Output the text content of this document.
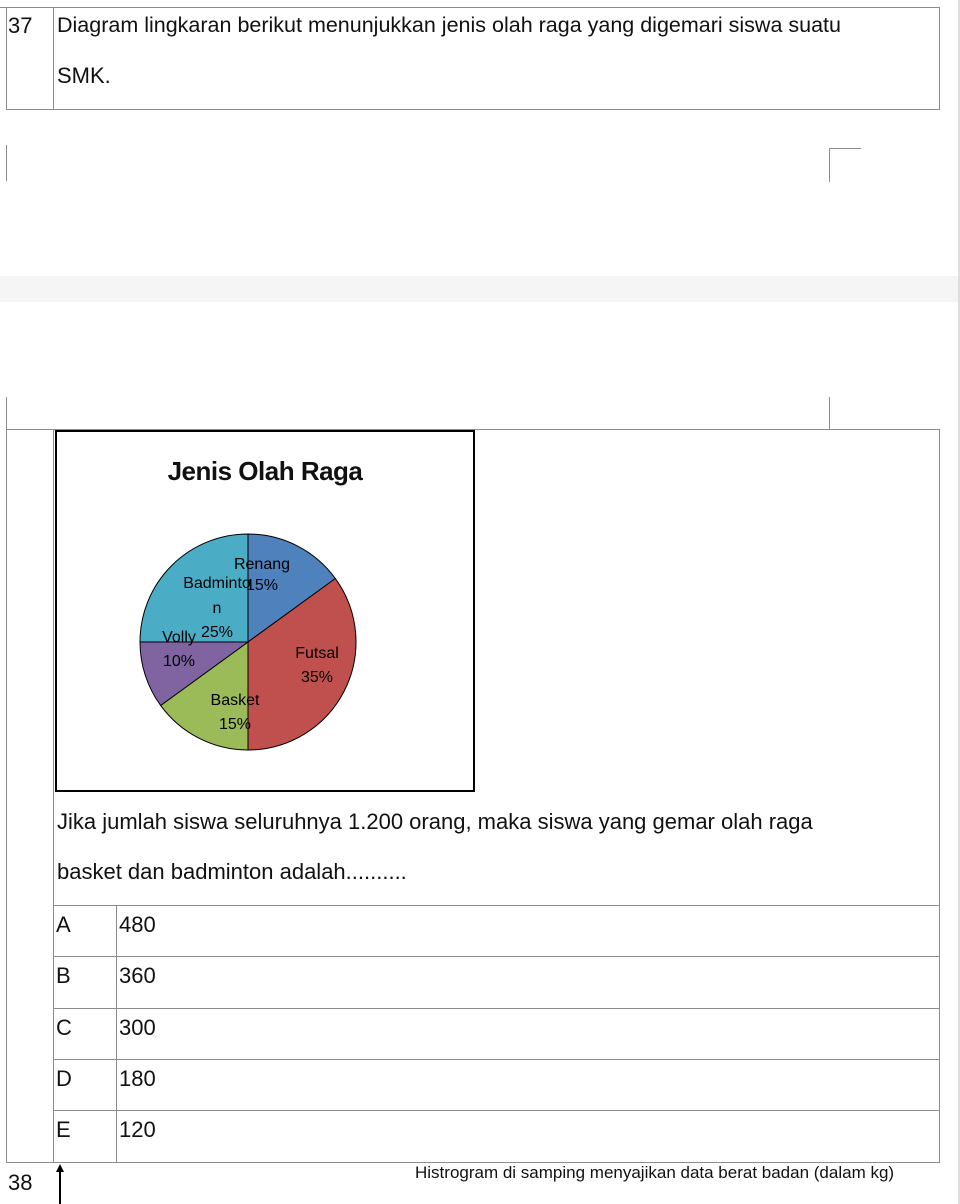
37 Diagram lingkaran berikut menunjukkan jenis olah raga yang digemari siswa suatu
SMK.
Jenis Olah Raga
Renang
15%
Futsal
35%
Basket
15%
Volly
10%
Badminto
n
25%
Jika jumlah siswa seluruhnya 1.200 orang, maka siswa yang gemar olah raga
basket dan badminton adalah..........
A 480
B 360
C 300
D 180
E 120
38	Histrogram di samping menyajikan data berat badan (dalam kg)
